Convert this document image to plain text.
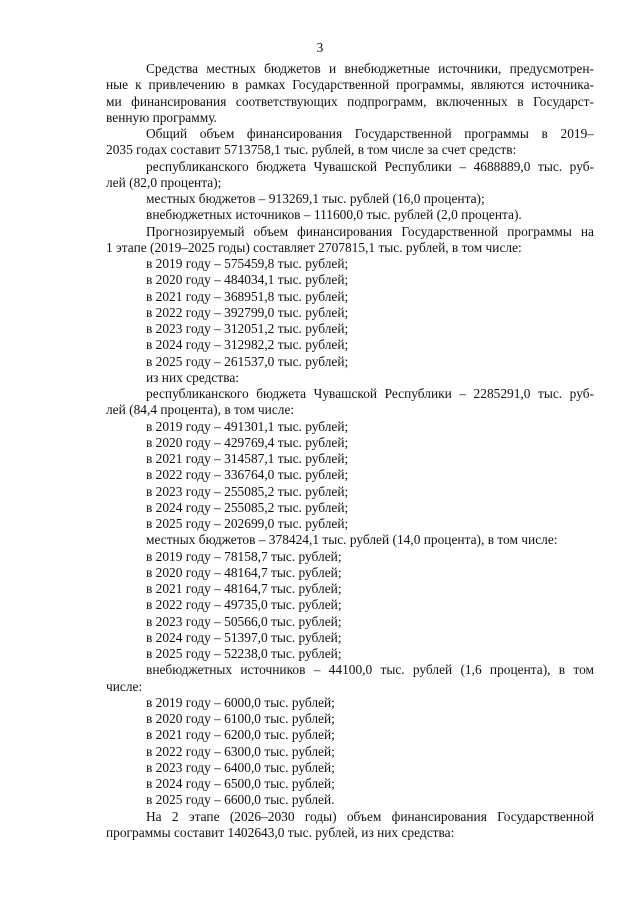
3
Средства местных бюджетов и внебюджетные источники, предусмотрен-
ные к привлечению в рамках Государственной программы, являются источника-
ми финансирования соответствующих подпрограмм, включенных в Государст-
венную программу.
Общий объем финансирования Государственной программы в 2019–
2035 годах составит 5713758,1 тыс. рублей, в том числе за счет средств:
республиканского бюджета Чувашской Республики – 4688889,0 тыс. руб-
лей (82,0 процента);
местных бюджетов – 913269,1 тыс. рублей (16,0 процента);
внебюджетных источников – 111600,0 тыс. рублей (2,0 процента).
Прогнозируемый объем финансирования Государственной программы на
1 этапе (2019–2025 годы) составляет 2707815,1 тыс. рублей, в том числе:
в 2019 году – 575459,8 тыс. рублей;
в 2020 году – 484034,1 тыс. рублей;
в 2021 году – 368951,8 тыс. рублей;
в 2022 году – 392799,0 тыс. рублей;
в 2023 году – 312051,2 тыс. рублей;
в 2024 году – 312982,2 тыс. рублей;
в 2025 году – 261537,0 тыс. рублей;
из них средства:
республиканского бюджета Чувашской Республики – 2285291,0 тыс. руб-
лей (84,4 процента), в том числе:
в 2019 году – 491301,1 тыс. рублей;
в 2020 году – 429769,4 тыс. рублей;
в 2021 году – 314587,1 тыс. рублей;
в 2022 году – 336764,0 тыс. рублей;
в 2023 году – 255085,2 тыс. рублей;
в 2024 году – 255085,2 тыс. рублей;
в 2025 году – 202699,0 тыс. рублей;
местных бюджетов – 378424,1 тыс. рублей (14,0 процента), в том числе:
в 2019 году – 78158,7 тыс. рублей;
в 2020 году – 48164,7 тыс. рублей;
в 2021 году – 48164,7 тыс. рублей;
в 2022 году – 49735,0 тыс. рублей;
в 2023 году – 50566,0 тыс. рублей;
в 2024 году – 51397,0 тыс. рублей;
в 2025 году – 52238,0 тыс. рублей;
внебюджетных источников – 44100,0 тыс. рублей (1,6 процента), в том
числе:
в 2019 году – 6000,0 тыс. рублей;
в 2020 году – 6100,0 тыс. рублей;
в 2021 году – 6200,0 тыс. рублей;
в 2022 году – 6300,0 тыс. рублей;
в 2023 году – 6400,0 тыс. рублей;
в 2024 году – 6500,0 тыс. рублей;
в 2025 году – 6600,0 тыс. рублей.
На 2 этапе (2026–2030 годы) объем финансирования Государственной
программы составит 1402643,0 тыс. рублей, из них средства:
